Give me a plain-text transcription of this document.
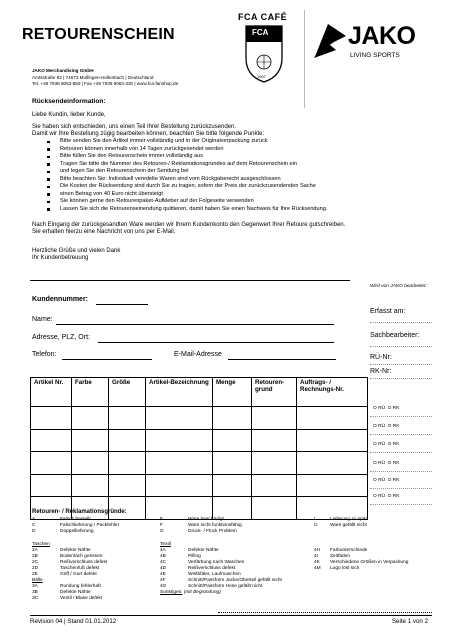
RETOURENSCHEIN
JAKO Merchandising GmbH
Amtsstraße 82 | 74673 Mulfingen-Hollenbach | Deutschland
Tel. +49 7938 9063-850 | Fax +49 7938 9063-330 | www.fca-fanshop.de
FCA CAFÉ
FCA
1907
JAKO
LIVING SPORTS
Rücksendeinformation:
Liebe Kundin, lieber Kunde,
Sie haben sich entschieden, uns einen Teil Ihrer Bestellung zurückzusenden.
Damit wir Ihre Bestellung zügig bearbeiten können, beachten Sie bitte folgende Punkte:
Bitte senden Sie den Artikel immer vollständig und in der Originalverpackung zurück
Retouren können innerhalb von 14 Tagen zurückgesendet werden
Bitte füllen Sie den Retourenschein immer vollständig aus
Tragen Sie bitte die Nummer des Retouren-/ Reklamationsgrundes auf dem Retourenschein ein
und legen Sie den Retourenschein der Sendung bei
Bitte beachten Sie: Individuell veredelte Waren sind vom Rückgaberecht ausgeschlossen
Die Kosten der Rücksendung sind durch Sie zu tragen, sofern der Preis der zurückzusendenden Sache
einen Betrag von 40 Euro nicht übersteigt
Sie können gerne den Retourenpaket-Aufkleber auf der Folgeseite verwenden
Lassen Sie sich die Retourenseinendung quittieren, damit haben Sie einen Nachweis für Ihre Rücksendung.
Nach Eingang der zurückgesandten Ware werden wir Ihrem Kundenkonto den Gegenwert Ihrer Retoure gutschreiben.
Sie erhalten hierzu eine Nachricht von uns per E-Mail.
Herzliche Grüße und vielen Dank
Ihr Kundenbetreuung
Kundennummer:
Name:
Adresse, PLZ, Ort:
Telefon:	E-Mail-Adresse
Wird von JAKO bearbeitet:
Erfasst am:
Sachbearbeiter:
RÜ-Nr:
RK-Nr:
Artikel Nr.	Farbe	Größe	Artikel-Bezeichnung	Menge	Retouren-grund	Auftrags- / Rechnungs-Nr.

O RÜ O RK
O RÜ O RK
O RÜ O RK
O RÜ O RK
O RÜ O RK
O RÜ O RK
Retouren- / Reklamationsgründe:
A	Falsch bestellt
C	Falschlieferung / Packfehler
D	Doppellieferung
E	Ware beschädigt
F	Ware nicht funktionsfähig
G	Druck- / Flock Problem
L	Lieferung zu spät
U	Ware gefällt nicht
Taschen
2A	Defekte Nähte
2B	Bodenfach gerissen
2C	Reißverschluss defekt
2D	Taschenfuß defekt
2E	Griff / Gurt defekt
Bälle
3A	Rundung fehlerhaft
3B	Defekte Nähte
3C	Ventil / Blase defekt
Textil
4A	Defekte Nähte
4B	Pilling
4C	Verfärbung nach Waschen
4D	Reißverschluss defekt
4E	Weitbfäler, Laufmaschen
4F	Schnitt/Passform Jacke/Oberteil gefällt nicht
4G	Schnitt/Passform Hose gefällt nicht
Sonstiges: (mit Begründung)
4H Farbunterschiede
4I Zeitfäden
4K Verschiedene Größen in Verpackung
4M Logo löst sich
Revision 04 | Stand 01.01.2012	Seite 1 von 2
